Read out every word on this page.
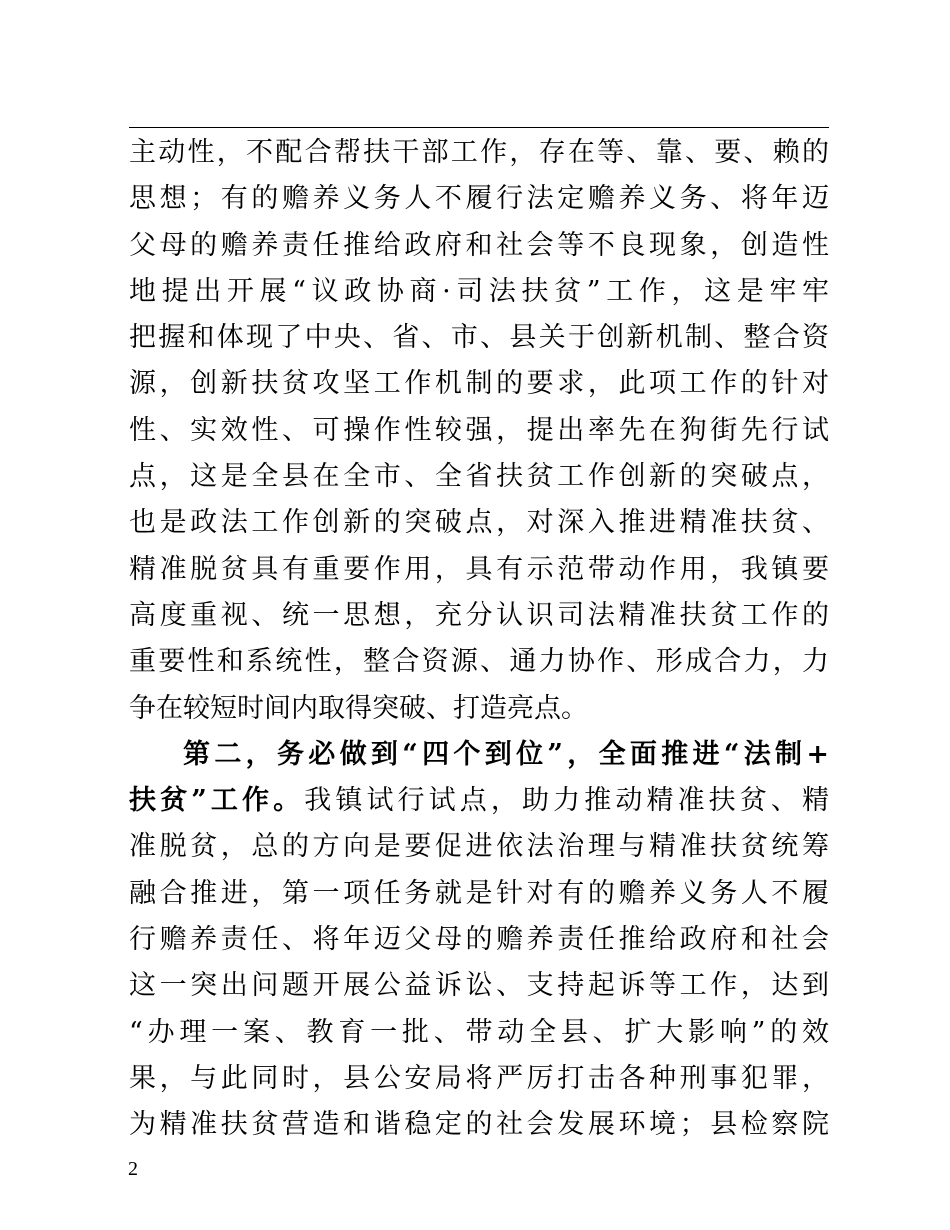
主动性，不配合帮扶干部工作，存在等、靠、要、赖的
思想；有的赡养义务人不履行法定赡养义务、将年迈
父母的赡养责任推给政府和社会等不良现象，创造性
地提出开展“议政协商·司法扶贫”工作，这是牢牢
把握和体现了中央、省、市、县关于创新机制、整合资
源，创新扶贫攻坚工作机制的要求，此项工作的针对
性、实效性、可操作性较强，提出率先在狗街先行试
点，这是全县在全市、全省扶贫工作创新的突破点，
也是政法工作创新的突破点，对深入推进精准扶贫、
精准脱贫具有重要作用，具有示范带动作用，我镇要
高度重视、统一思想，充分认识司法精准扶贫工作的
重要性和系统性，整合资源、通力协作、形成合力，力
争在较短时间内取得突破、打造亮点。
第二，务必做到“四个到位”，全面推进“法制+
扶贫”工作。我镇试行试点，助力推动精准扶贫、精
准脱贫，总的方向是要促进依法治理与精准扶贫统筹
融合推进，第一项任务就是针对有的赡养义务人不履
行赡养责任、将年迈父母的赡养责任推给政府和社会
这一突出问题开展公益诉讼、支持起诉等工作，达到
“办理一案、教育一批、带动全县、扩大影响”的效
果，与此同时，县公安局将严厉打击各种刑事犯罪，
为精准扶贫营造和谐稳定的社会发展环境；县检察院
2
